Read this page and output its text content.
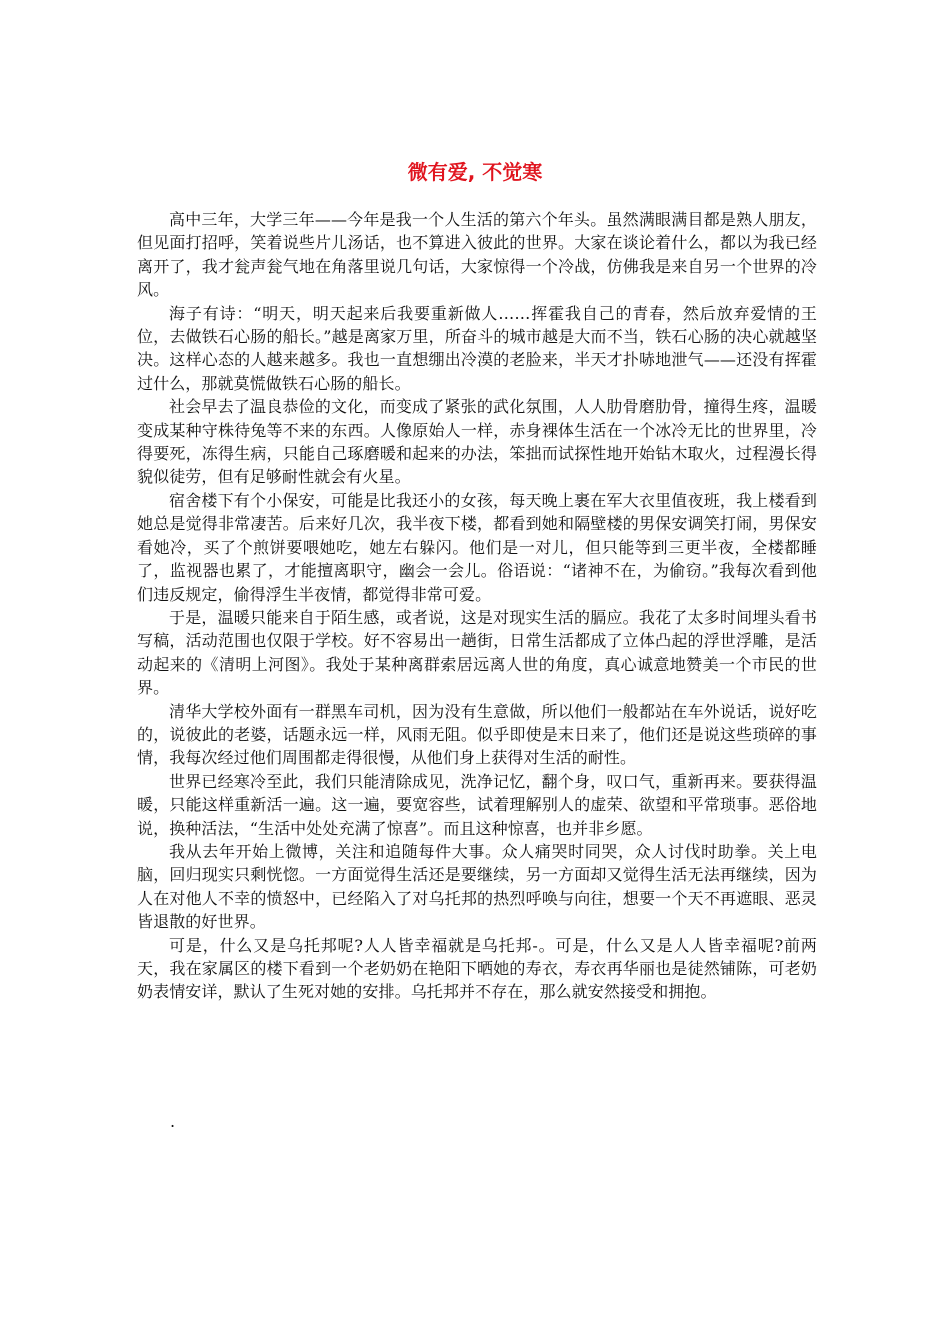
微有爱, 不觉寒

高中三年，大学三年——今年是我一个人生活的第六个年头。虽然满眼满目都是熟人朋友，但见面打招呼，笑着说些片儿汤话，也不算进入彼此的世界。大家在谈论着什么，都以为我已经离开了，我才瓮声瓮气地在角落里说几句话，大家惊得一个冷战，仿佛我是来自另一个世界的冷风。

海子有诗：“明天，明天起来后我要重新做人……挥霍我自己的青春，然后放弃爱情的王位，去做铁石心肠的船长。”越是离家万里，所奋斗的城市越是大而不当，铁石心肠的决心就越坚决。这样心态的人越来越多。我也一直想绷出冷漠的老脸来，半天才扑哧地泄气——还没有挥霍过什么，那就莫慌做铁石心肠的船长。

社会早去了温良恭俭的文化，而变成了紧张的武化氛围，人人肋骨磨肋骨，撞得生疼，温暖变成某种守株待兔等不来的东西。人像原始人一样，赤身裸体生活在一个冰冷无比的世界里，冷得要死，冻得生病，只能自己琢磨暖和起来的办法，笨拙而试探性地开始钻木取火，过程漫长得貌似徒劳，但有足够耐性就会有火星。

宿舍楼下有个小保安，可能是比我还小的女孩，每天晚上裹在军大衣里值夜班，我上楼看到她总是觉得非常凄苦。后来好几次，我半夜下楼，都看到她和隔壁楼的男保安调笑打闹，男保安看她冷，买了个煎饼要喂她吃，她左右躲闪。他们是一对儿，但只能等到三更半夜，全楼都睡了，监视器也累了，才能擅离职守，幽会一会儿。俗语说：“诸神不在，为偷窃。”我每次看到他们违反规定，偷得浮生半夜情，都觉得非常可爱。

于是，温暖只能来自于陌生感，或者说，这是对现实生活的膈应。我花了太多时间埋头看书写稿，活动范围也仅限于学校。好不容易出一趟街，日常生活都成了立体凸起的浮世浮雕，是活动起来的《清明上河图》。我处于某种离群索居远离人世的角度，真心诚意地赞美一个市民的世界。

清华大学校外面有一群黑车司机，因为没有生意做，所以他们一般都站在车外说话，说好吃的，说彼此的老婆，话题永远一样，风雨无阻。似乎即使是末日来了，他们还是说这些琐碎的事情，我每次经过他们周围都走得很慢，从他们身上获得对生活的耐性。

世界已经寒冷至此，我们只能清除成见，洗净记忆，翻个身，叹口气，重新再来。要获得温暖，只能这样重新活一遍。这一遍，要宽容些，试着理解别人的虚荣、欲望和平常琐事。恶俗地说，换种活法，“生活中处处充满了惊喜”。而且这种惊喜，也并非乡愿。

我从去年开始上微博，关注和追随每件大事。众人痛哭时同哭，众人讨伐时助拳。关上电脑，回归现实只剩恍惚。一方面觉得生活还是要继续，另一方面却又觉得生活无法再继续，因为人在对他人不幸的愤怒中，已经陷入了对乌托邦的热烈呼唤与向往，想要一个天不再遮眼、恶灵皆退散的好世界。

可是，什么又是乌托邦呢?人人皆幸福就是乌托邦-。可是，什么又是人人皆幸福呢?前两天，我在家属区的楼下看到一个老奶奶在艳阳下晒她的寿衣，寿衣再华丽也是徒然铺陈，可老奶奶表情安详，默认了生死对她的安排。乌托邦并不存在，那么就安然接受和拥抱。

.
